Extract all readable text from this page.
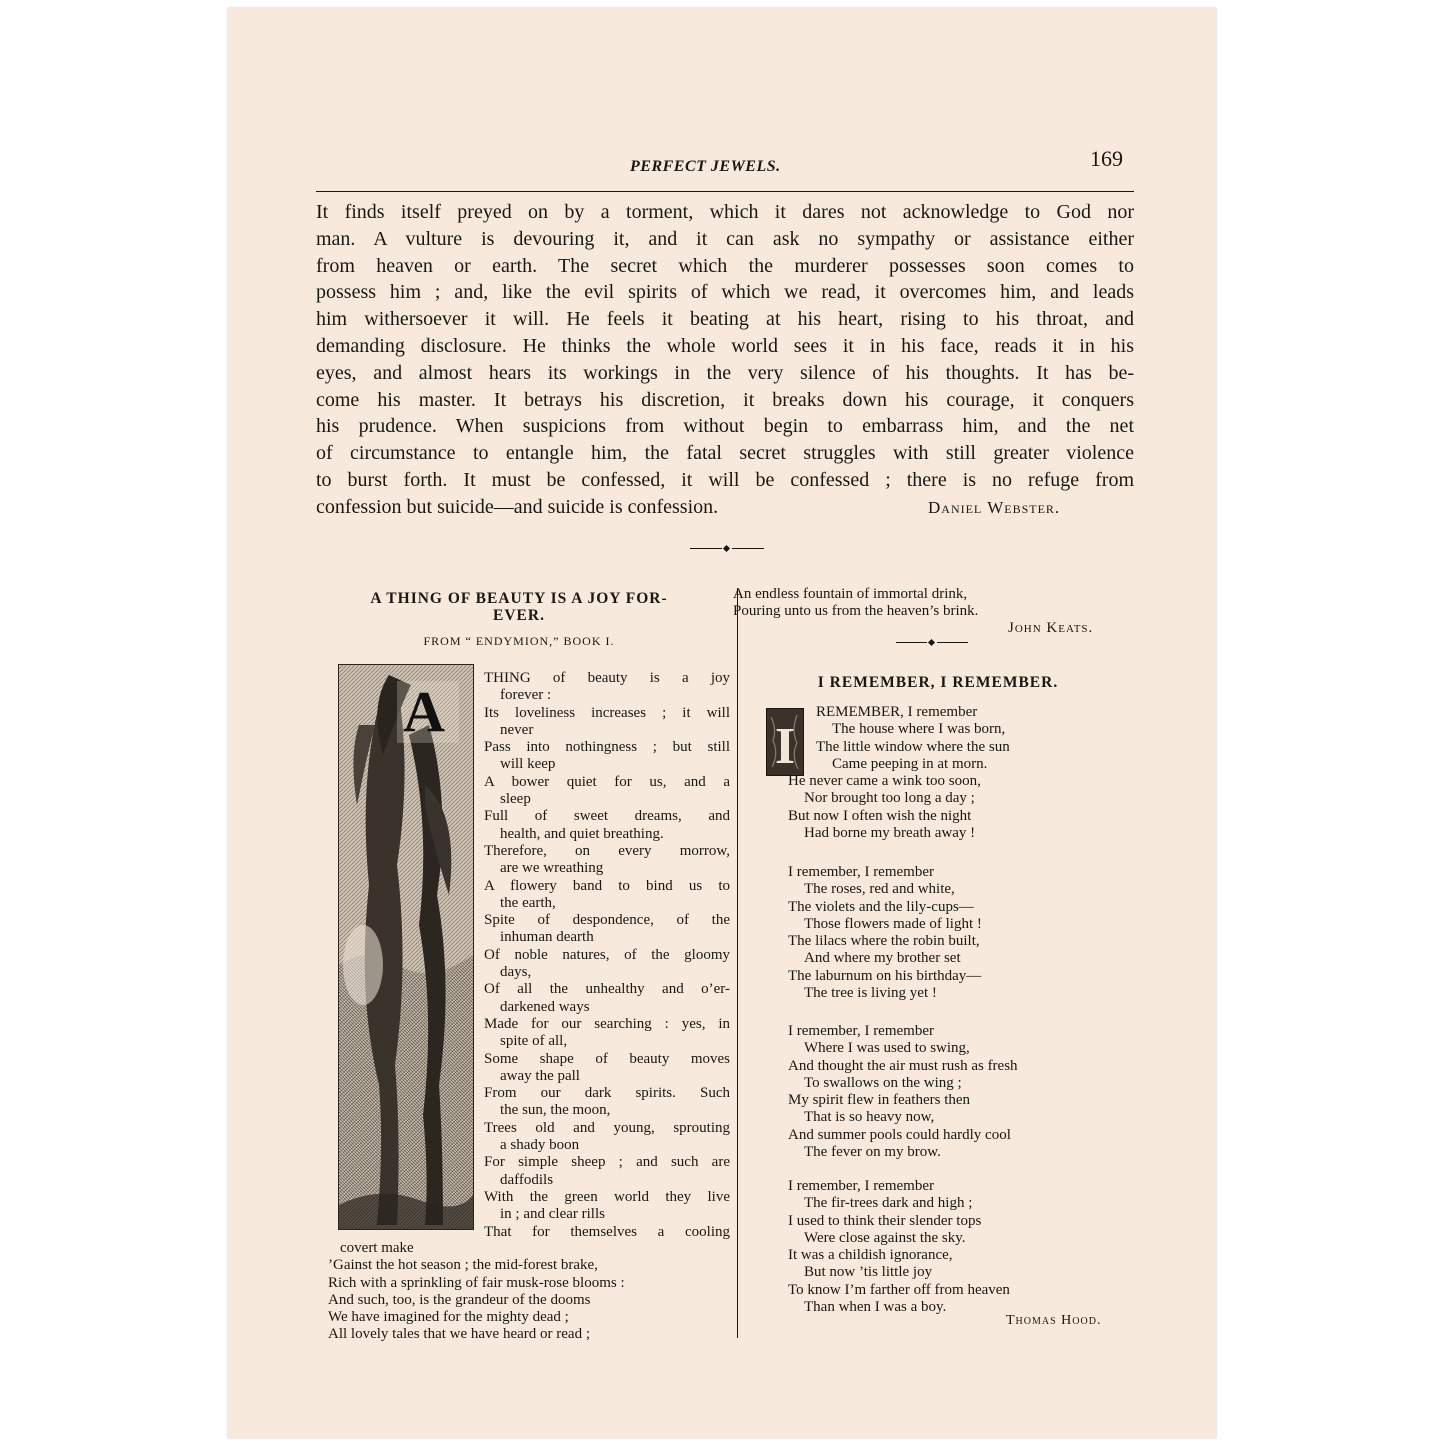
PERFECT JEWELS.	169
It finds itself preyed on by a torment, which it dares not acknowledge to God nor
man. A vulture is devouring it, and it can ask no sympathy or assistance either
from heaven or earth. The secret which the murderer possesses soon comes to
possess him ; and, like the evil spirits of which we read, it overcomes him, and leads
him withersoever it will. He feels it beating at his heart, rising to his throat, and
demanding disclosure. He thinks the whole world sees it in his face, reads it in his
eyes, and almost hears its workings in the very silence of his thoughts. It has be-
come his master. It betrays his discretion, it breaks down his courage, it conquers
his prudence. When suspicions from without begin to embarrass him, and the net
of circumstance to entangle him, the fatal secret struggles with still greater violence
to burst forth. It must be confessed, it will be confessed ; there is no refuge from
confession but suicide—and suicide is confession.	Daniel Webster.
A THING OF BEAUTY IS A JOY FOR-
EVER.
FROM “ ENDYMION,” BOOK I.
A
THING of beauty is a joy
forever :
Its loveliness increases ; it will
never
Pass into nothingness ; but still
will keep
A bower quiet for us, and a
sleep
Full of sweet dreams, and
health, and quiet breathing.
Therefore, on every morrow,
are we wreathing
A flowery band to bind us to
the earth,
Spite of despondence, of the
inhuman dearth
Of noble natures, of the gloomy
days,
Of all the unhealthy and o’er-
darkened ways
Made for our searching : yes, in
spite of all,
Some shape of beauty moves
away the pall
From our dark spirits. Such
the sun, the moon,
Trees old and young, sprouting
a shady boon
For simple sheep ; and such are
daffodils
With the green world they live
in ; and clear rills
That for themselves a cooling
covert make
’Gainst the hot season ; the mid-forest brake,
Rich with a sprinkling of fair musk-rose blooms :
And such, too, is the grandeur of the dooms
We have imagined for the mighty dead ;
All lovely tales that we have heard or read ;
An endless fountain of immortal drink,
Pouring unto us from the heaven’s brink.
John Keats.
I REMEMBER, I REMEMBER.
I
REMEMBER, I remember
The house where I was born,
The little window where the sun
Came peeping in at morn.
He never came a wink too soon,
Nor brought too long a day ;
But now I often wish the night
Had borne my breath away !
I remember, I remember
The roses, red and white,
The violets and the lily-cups—
Those flowers made of light !
The lilacs where the robin built,
And where my brother set
The laburnum on his birthday—
The tree is living yet !
I remember, I remember
Where I was used to swing,
And thought the air must rush as fresh
To swallows on the wing ;
My spirit flew in feathers then
That is so heavy now,
And summer pools could hardly cool
The fever on my brow.
I remember, I remember
The fir-trees dark and high ;
I used to think their slender tops
Were close against the sky.
It was a childish ignorance,
But now ’tis little joy
To know I’m farther off from heaven
Than when I was a boy.
Thomas Hood.
